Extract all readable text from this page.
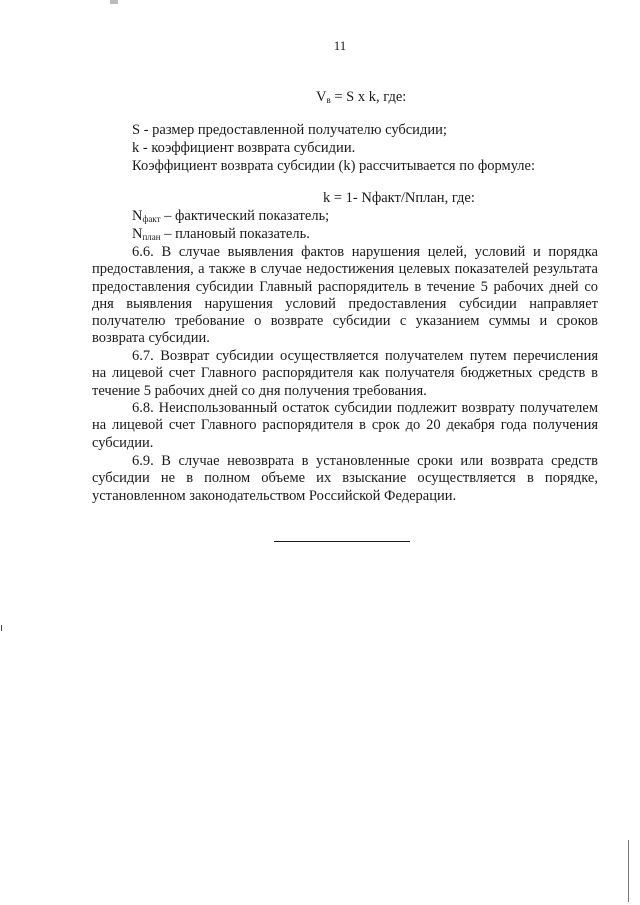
11
$V_в = S$ x k, где:
S - размер предоставленной получателю субсидии;
k - коэффициент возврата субсидии.
Коэффициент возврата субсидии (k) рассчитывается по формуле:
k = 1- Nфакт/Nплан, где:
$N_{факт}$ – фактический показатель;
$N_{план}$ – плановый показатель.
6.6. В случае выявления фактов нарушения целей, условий и порядка предоставления, а также в случае недостижения целевых показателей результата предоставления субсидии Главный распорядитель в течение 5 рабочих дней со дня выявления нарушения условий предоставления субсидии направляет получателю требование о возврате субсидии с указанием суммы и сроков возврата субсидии.
6.7. Возврат субсидии осуществляется получателем путем перечисления на лицевой счет Главного распорядителя как получателя бюджетных средств в течение 5 рабочих дней со дня получения требования.
6.8. Неиспользованный остаток субсидии подлежит возврату получателем на лицевой счет Главного распорядителя в срок до 20 декабря года получения субсидии.
6.9. В случае невозврата в установленные сроки или возврата средств субсидии не в полном объеме их взыскание осуществляется в порядке, установленном законодательством Российской Федерации.
